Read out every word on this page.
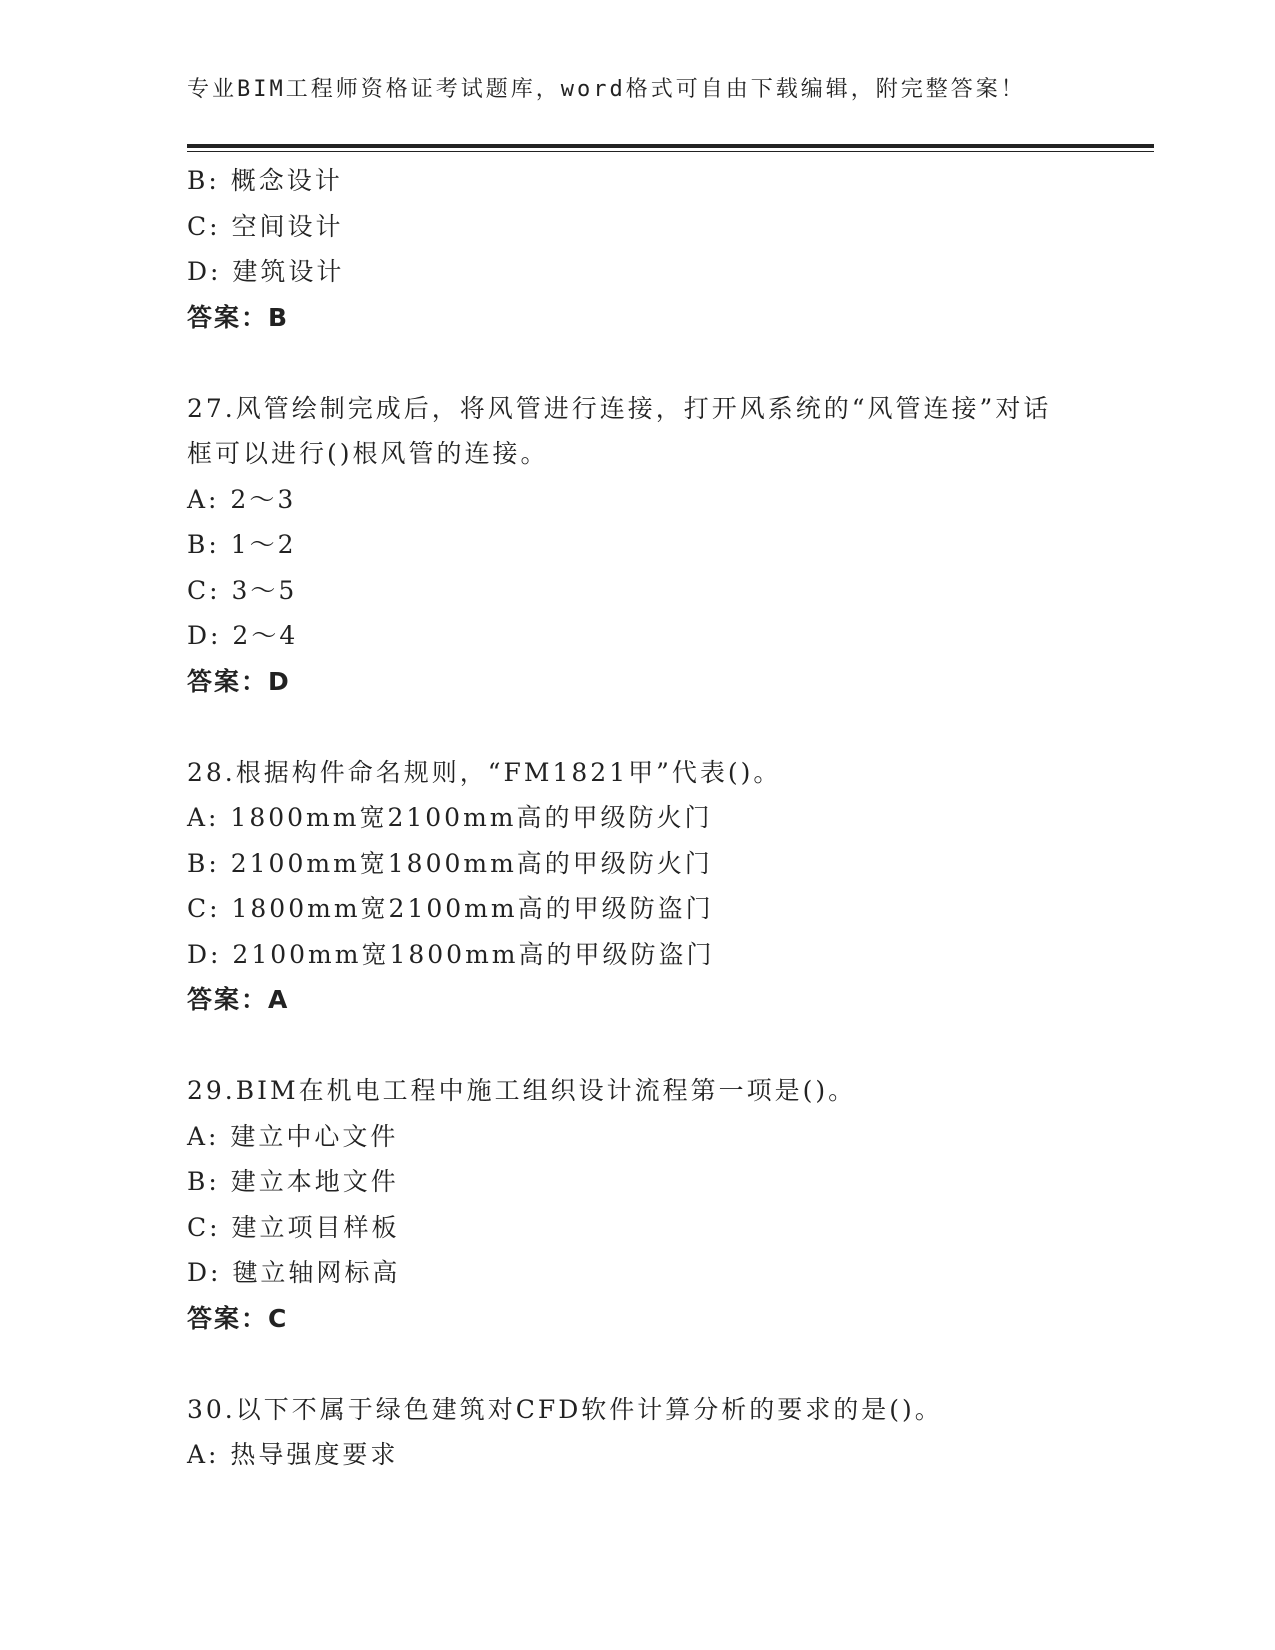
专业BIM工程师资格证考试题库，word格式可自由下载编辑，附完整答案！
B: 概念设计
C: 空间设计
D: 建筑设计
答案：B
27.风管绘制完成后，将风管进行连接，打开风系统的“风管连接”对话框可以进行()根风管的连接。
A: 2～3
B: 1～2
C: 3～5
D: 2～4
答案：D
28.根据构件命名规则，“FM1821甲”代表()。
A: 1800mm宽2100mm高的甲级防火门
B: 2100mm宽1800mm高的甲级防火门
C: 1800mm宽2100mm高的甲级防盗门
D: 2100mm宽1800mm高的甲级防盗门
答案：A
29.BIM在机电工程中施工组织设计流程第一项是()。
A: 建立中心文件
B: 建立本地文件
C: 建立项目样板
D: 毽立轴网标高
答案：C
30.以下不属于绿色建筑对CFD软件计算分析的要求的是()。
A: 热导强度要求
